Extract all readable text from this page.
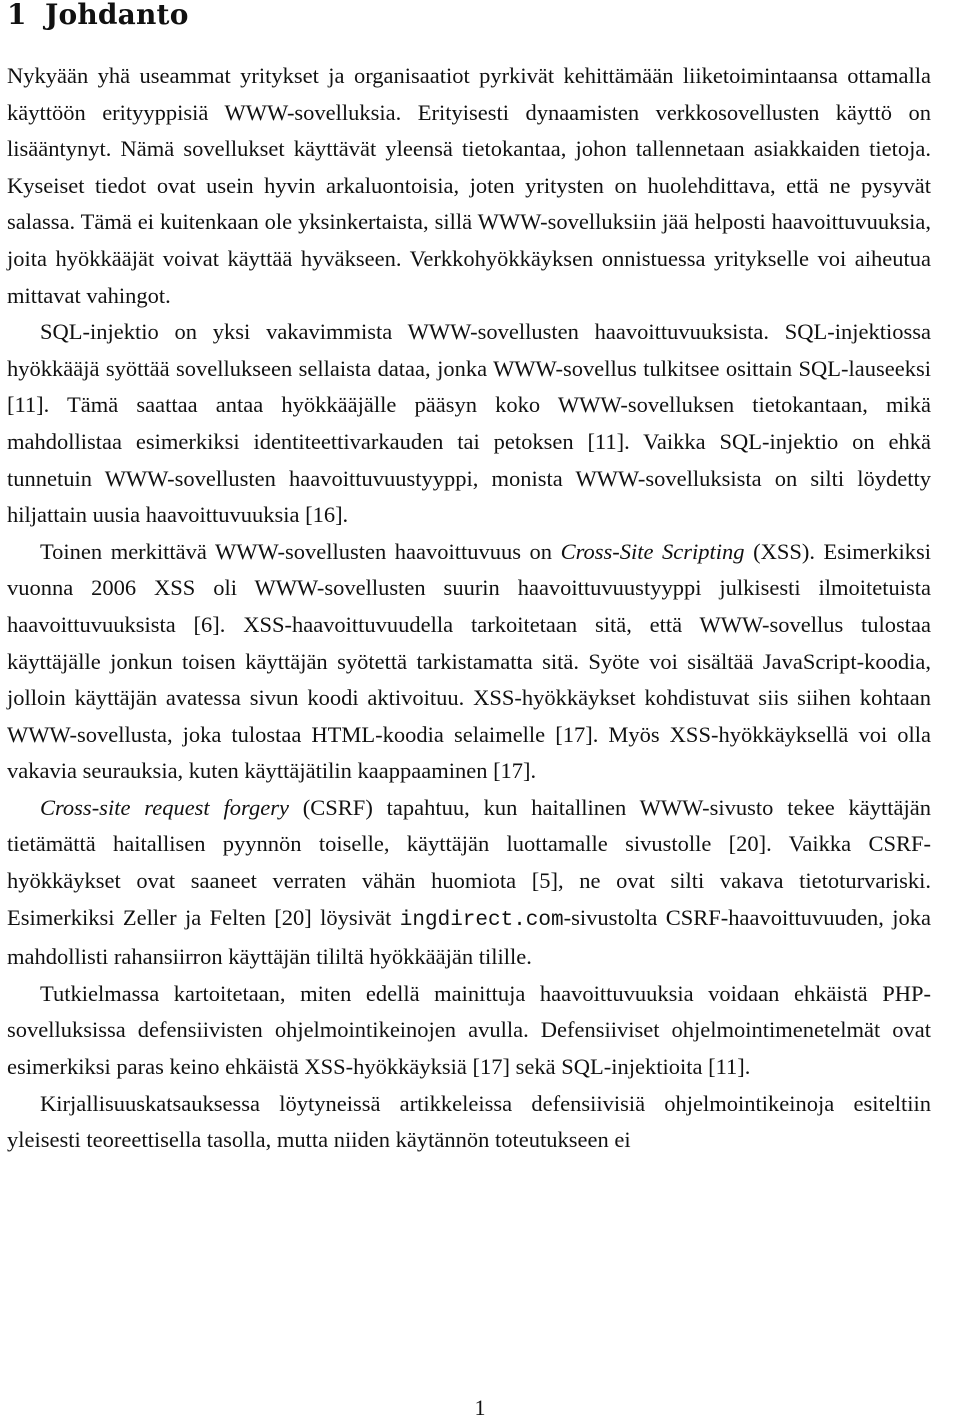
1 Johdanto

Nykyään yhä useammat yritykset ja organisaatiot pyrkivät kehittämään liiketoimintaansa ottamalla käyttöön erityyppisiä WWW-sovelluksia. Erityisesti dynaamisten verkkosovellusten käyttö on lisääntynyt. Nämä sovellukset käyttävät yleensä tietokantaa, johon tallennetaan asiakkaiden tietoja. Kyseiset tiedot ovat usein hyvin arkaluontoisia, joten yritysten on huolehdittava, että ne pysyvät salassa. Tämä ei kuitenkaan ole yksinkertaista, sillä WWW-sovelluksiin jää helposti haavoittuvuuksia, joita hyökkääjät voivat käyttää hyväkseen. Verkkohyökkäyksen onnistuessa yritykselle voi aiheutua mittavat vahingot.

SQL-injektio on yksi vakavimmista WWW-sovellusten haavoittuvuuksista. SQL-injektiossa hyökkääjä syöttää sovellukseen sellaista dataa, jonka WWW-sovellus tulkitsee osittain SQL-lauseeksi [11]. Tämä saattaa antaa hyökkääjälle pääsyn koko WWW-sovelluksen tietokantaan, mikä mahdollistaa esimerkiksi identiteettivarkauden tai petoksen [11]. Vaikka SQL-injektio on ehkä tunnetuin WWW-sovellusten haavoittuvuustyyppi, monista WWW-sovelluksista on silti löydetty hiljattain uusia haavoittuvuuksia [16].

Toinen merkittävä WWW-sovellusten haavoittuvuus on Cross-Site Scripting (XSS). Esimerkiksi vuonna 2006 XSS oli WWW-sovellusten suurin haavoittuvuustyyppi julkisesti ilmoitetuista haavoittuvuuksista [6]. XSS-haavoittuvuudella tarkoitetaan sitä, että WWW-sovellus tulostaa käyttäjälle jonkun toisen käyttäjän syötettä tarkistamatta sitä. Syöte voi sisältää JavaScript-koodia, jolloin käyttäjän avatessa sivun koodi aktivoituu. XSS-hyökkäykset kohdistuvat siis siihen kohtaan WWW-sovellusta, joka tulostaa HTML-koodia selaimelle [17]. Myös XSS-hyökkäyksellä voi olla vakavia seurauksia, kuten käyttäjätilin kaappaaminen [17].

Cross-site request forgery (CSRF) tapahtuu, kun haitallinen WWW-sivusto tekee käyttäjän tietämättä haitallisen pyynnön toiselle, käyttäjän luottamalle sivustolle [20]. Vaikka CSRF-hyökkäykset ovat saaneet verraten vähän huomiota [5], ne ovat silti vakava tietoturvariski. Esimerkiksi Zeller ja Felten [20] löysivät ingdirect.com-sivustolta CSRF-haavoittuvuuden, joka mahdollisti rahansiirron käyttäjän tililtä hyökkääjän tilille.

Tutkielmassa kartoitetaan, miten edellä mainittuja haavoittuvuuksia voidaan ehkäistä PHP-sovelluksissa defensiivisten ohjelmointikeinojen avulla. Defensiiviset ohjelmointimenetelmät ovat esimerkiksi paras keino ehkäistä XSS-hyökkäyksiä [17] sekä SQL-injektioita [11].

Kirjallisuuskatsauksessa löytyneissä artikkeleissa defensiivisiä ohjelmointikeinoja esiteltiin yleisesti teoreettisella tasolla, mutta niiden käytännön toteutukseen ei

1
